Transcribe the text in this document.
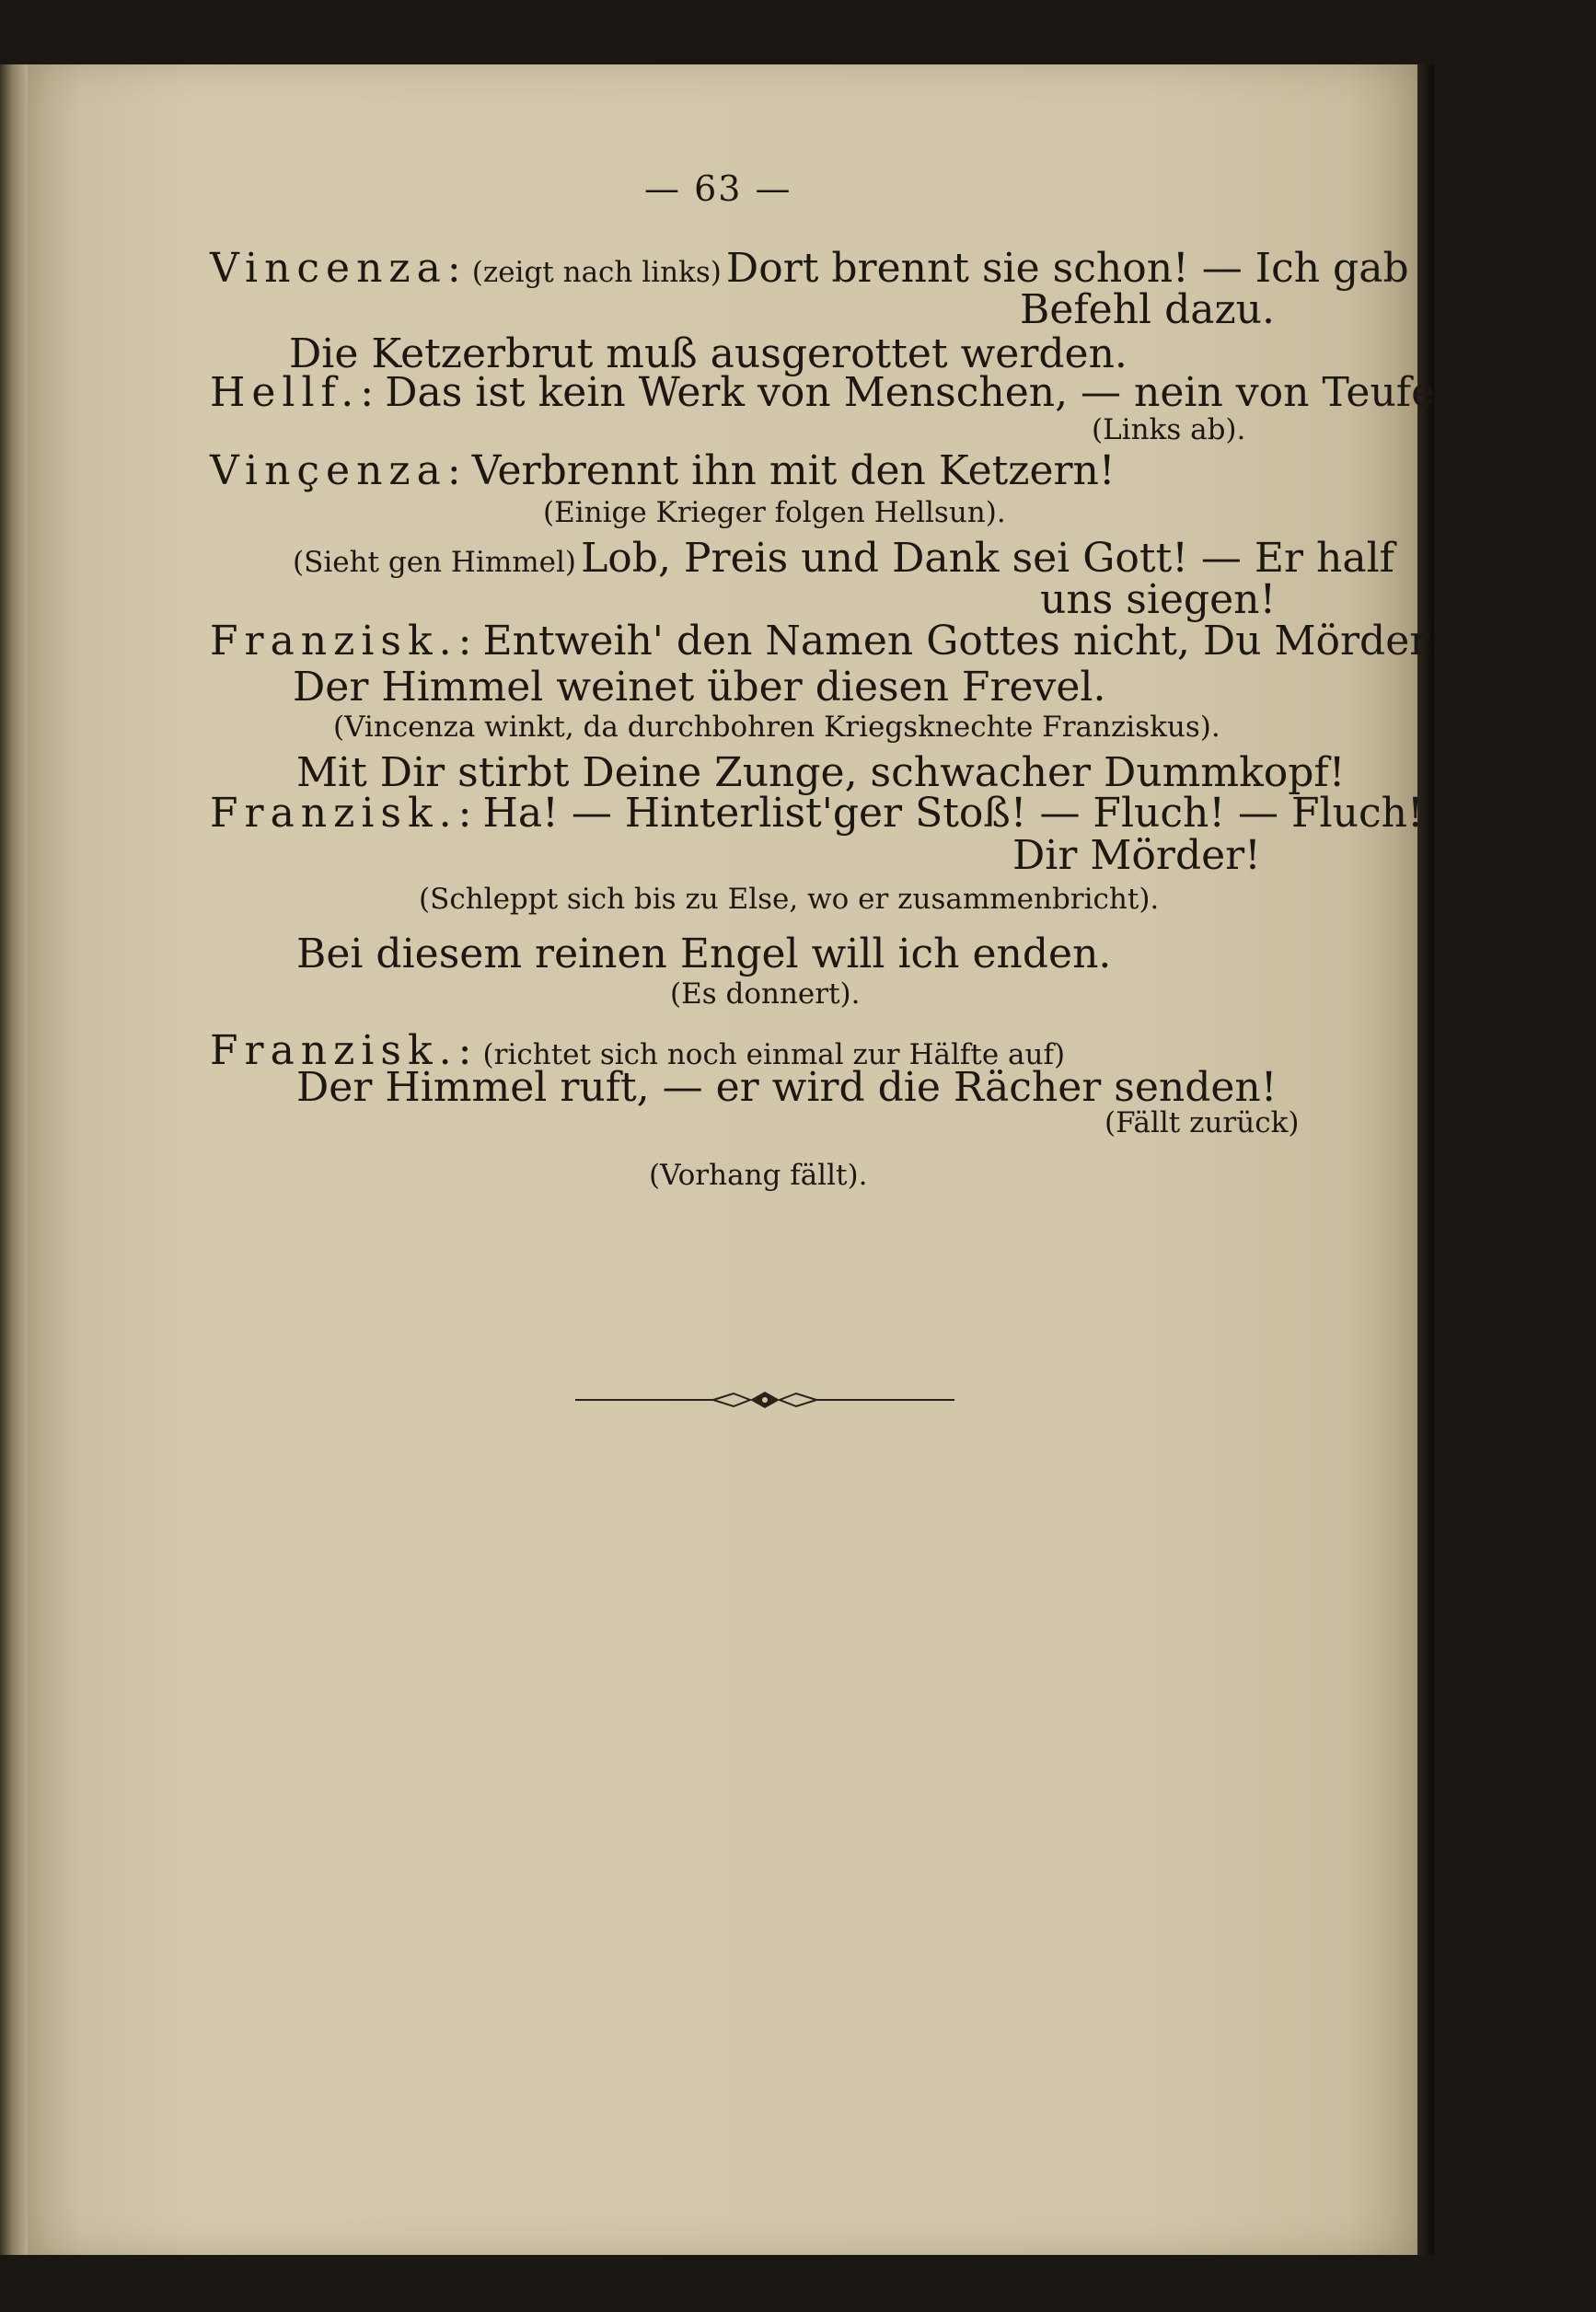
— 63 —
Vincenza: (zeigt nach links) Dort brennt sie schon! — Ich gab
Befehl dazu.
Die Ketzerbrut muß ausgerottet werden.
Hellf.: Das ist kein Werk von Menschen, — nein von Teufeln!
(Links ab).
Vinçenza: Verbrennt ihn mit den Ketzern!
(Einige Krieger folgen Hellsun).
(Sieht gen Himmel) Lob, Preis und Dank sei Gott! — Er half
uns siegen!
Franzisk.: Entweih' den Namen Gottes nicht, Du Mörder!
Der Himmel weinet über diesen Frevel.
(Vincenza winkt, da durchbohren Kriegsknechte Franziskus).
Mit Dir stirbt Deine Zunge, schwacher Dummkopf!
Franzisk.: Ha! — Hinterlist'ger Stoß! — Fluch! — Fluch!
Dir Mörder!
(Schleppt sich bis zu Else, wo er zusammenbricht).
Bei diesem reinen Engel will ich enden.
(Es donnert).
Franzisk.: (richtet sich noch einmal zur Hälfte auf)
Der Himmel ruft, — er wird die Rächer senden!
(Fällt zurück)
(Vorhang fällt).
